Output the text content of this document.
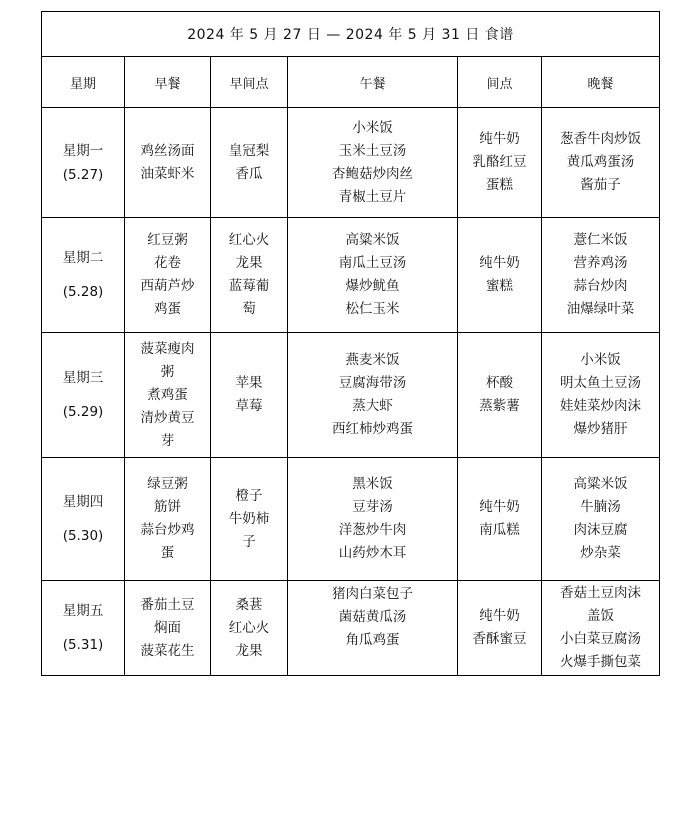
2024 年 5 月 27 日 — 2024 年 5 月 31 日 食谱					
星期	早餐	早间点	午餐	间点	晚餐

星期一
(5.27)	鸡丝汤面
油菜虾米	皇冠梨
香瓜	小米饭
玉米土豆汤
杏鲍菇炒肉丝
青椒土豆片	纯牛奶
乳酪红豆
蛋糕	葱香牛肉炒饭
黄瓜鸡蛋汤
酱茄子

星期二
(5.28)	红豆粥
花卷
西葫芦炒
鸡蛋	红心火
龙果
蓝莓葡
萄	高粱米饭
南瓜土豆汤
爆炒鱿鱼
松仁玉米	纯牛奶
蜜糕	薏仁米饭
营养鸡汤
蒜台炒肉
油爆绿叶菜

星期三
(5.29)	菠菜瘦肉
粥
煮鸡蛋
清炒黄豆
芽	苹果
草莓	燕麦米饭
豆腐海带汤
蒸大虾
西红柿炒鸡蛋	杯酸
蒸紫薯	小米饭
明太鱼土豆汤
娃娃菜炒肉沫
爆炒猪肝

星期四
(5.30)	绿豆粥
筋饼
蒜台炒鸡
蛋	橙子
牛奶柿
子	黑米饭
豆芽汤
洋葱炒牛肉
山药炒木耳	纯牛奶
南瓜糕	高粱米饭
牛腩汤
肉沫豆腐
炒杂菜

星期五
(5.31)	番茄土豆
焖面
菠菜花生	桑葚
红心火
龙果	猪肉白菜包子
菌菇黄瓜汤
角瓜鸡蛋	纯牛奶
香酥蜜豆	香菇土豆肉沫
盖饭
小白菜豆腐汤
火爆手撕包菜
